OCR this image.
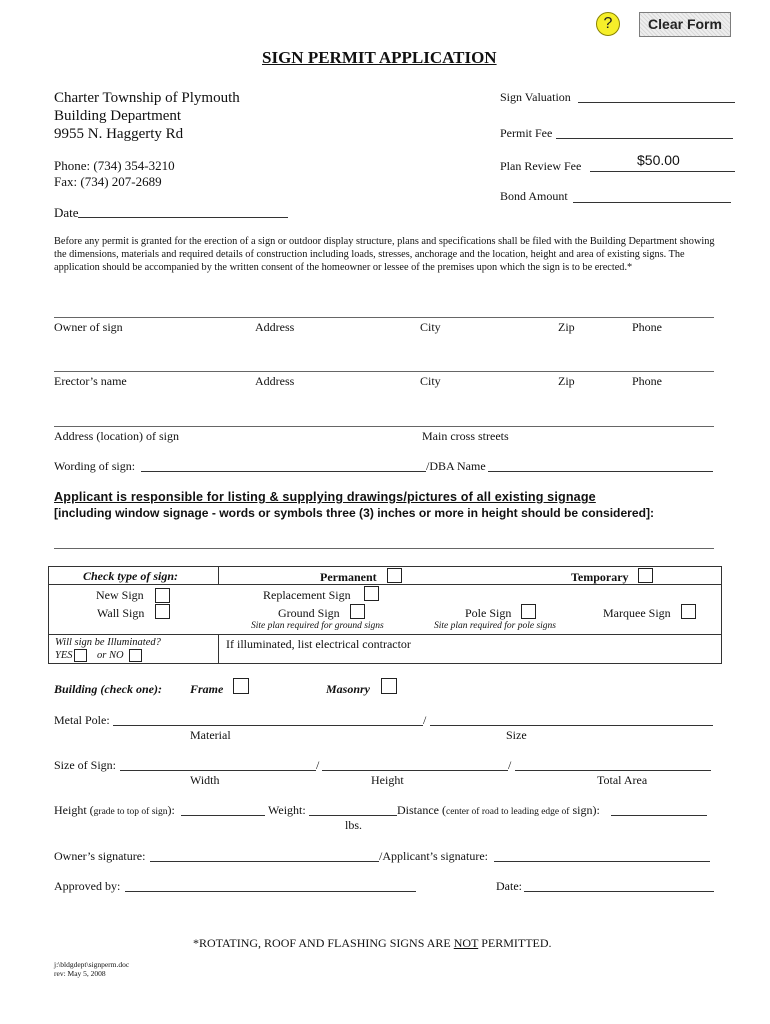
?	Clear Form
SIGN PERMIT APPLICATION
Charter Township of Plymouth
Building Department
9955 N. Haggerty Rd
Phone: (734) 354-3210
Fax: (734) 207-2689
Date
Sign Valuation
Permit Fee
Plan Review Fee	$50.00
Bond Amount
Before any permit is granted for the erection of a sign or outdoor display structure, plans and specifications shall be filed with the Building Department showing the dimensions, materials and required details of construction including loads, stresses, anchorage and the location, height and area of existing signs. The application should be accompanied by the written consent of the homeowner or lessee of the premises upon which the sign is to be erected.*
Owner of sign	Address	City	Zip	Phone
Erector’s name	Address	City	Zip	Phone
Address (location) of sign	Main cross streets
Wording of sign:	/DBA Name
Applicant is responsible for listing & supplying drawings/pictures of all existing signage
[including window signage - words or symbols three (3) inches or more in height should be considered]:
Check type of sign:	Permanent	Temporary
New Sign	Replacement Sign
Wall Sign	Ground Sign	Pole Sign	Marquee Sign
Site plan required for ground signs	Site plan required for pole signs
Will sign be Illuminated?
YES or NO
If illuminated, list electrical contractor
Building (check one): Frame	Masonry
Metal Pole:	/
Material	Size
Size of Sign:	/	/
Width	Height	Total Area
Height (grade to top of sign):	Weight:
lbs.
Distance (center of road to leading edge of sign):
Owner’s signature:	/Applicant’s signature:
Approved by:	Date:
*ROTATING, ROOF AND FLASHING SIGNS ARE NOT PERMITTED.
j:\bldgdept\signperm.doc
rev: May 5, 2008
